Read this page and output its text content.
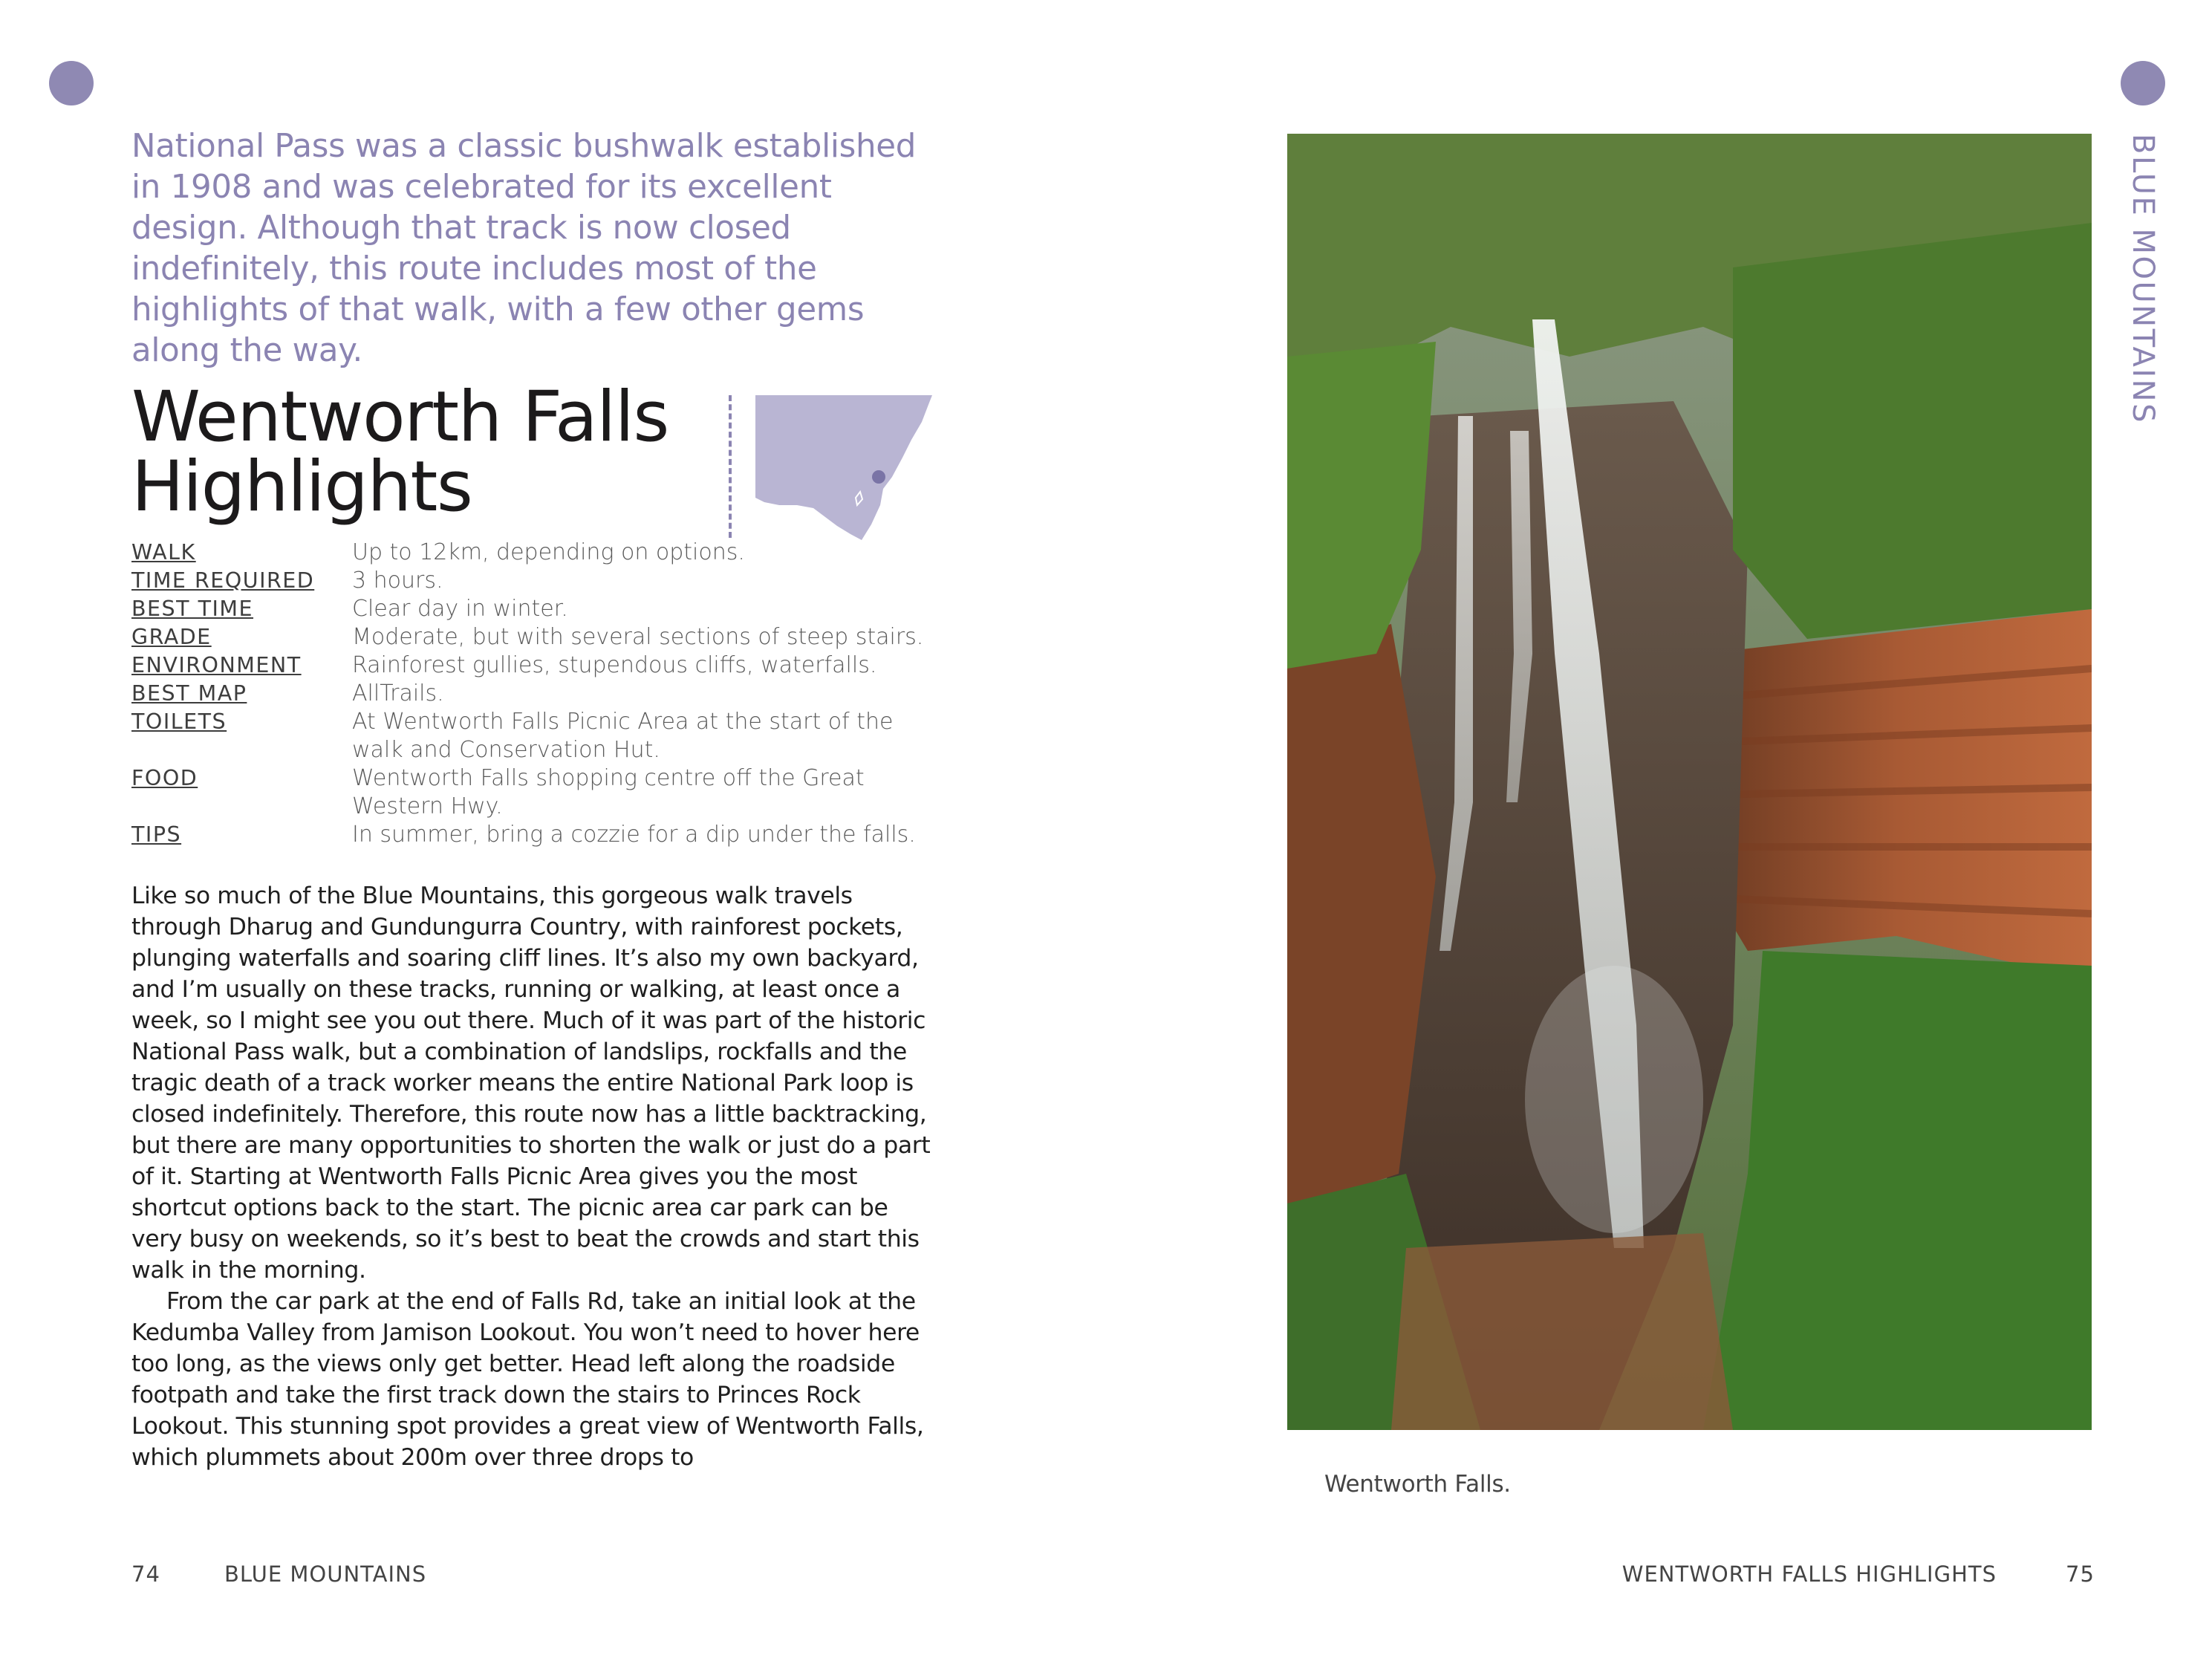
National Pass was a classic bushwalk established in 1908 and was celebrated for its excellent design. Although that track is now closed indefinitely, this route includes most of the highlights of that walk, with a few other gems along the way.

Wentworth Falls
Highlights
WALK	Up to 12km, depending on options.
TIME REQUIRED	3 hours.
BEST TIME	Clear day in winter.
GRADE	Moderate, but with several sections of steep stairs.
ENVIRONMENT	Rainforest gullies, stupendous cliffs, waterfalls.
BEST MAP	AllTrails.
TOILETS	At Wentworth Falls Picnic Area at the start of the walk and Conservation Hut.
FOOD	Wentworth Falls shopping centre off the Great Western Hwy.
TIPS	In summer, bring a cozzie for a dip under the falls.

Like so much of the Blue Mountains, this gorgeous walk travels through Dharug and Gundungurra Country, with rainforest pockets, plunging waterfalls and soaring cliff lines. It’s also my own backyard, and I’m usually on these tracks, running or walking, at least once a week, so I might see you out there. Much of it was part of the historic National Pass walk, but a combination of landslips, rockfalls and the tragic death of a track worker means the entire National Park loop is closed indefinitely. Therefore, this route now has a little backtracking, but there are many opportunities to shorten the walk or just do a part of it. Starting at Wentworth Falls Picnic Area gives you the most shortcut options back to the start. The picnic area car park can be very busy on weekends, so it’s best to beat the crowds and start this walk in the morning.

From the car park at the end of Falls Rd, take an initial look at the Kedumba Valley from Jamison Lookout. You won’t need to hover here too long, as the views only get better. Head left along the roadside footpath and take the first track down the stairs to Princes Rock Lookout. This stunning spot provides a great view of Wentworth Falls, which plummets about 200m over three drops to

Wentworth Falls.
74	BLUE MOUNTAINS	WENTWORTH FALLS HIGHLIGHTS	75
BLUE MOUNTAINS
